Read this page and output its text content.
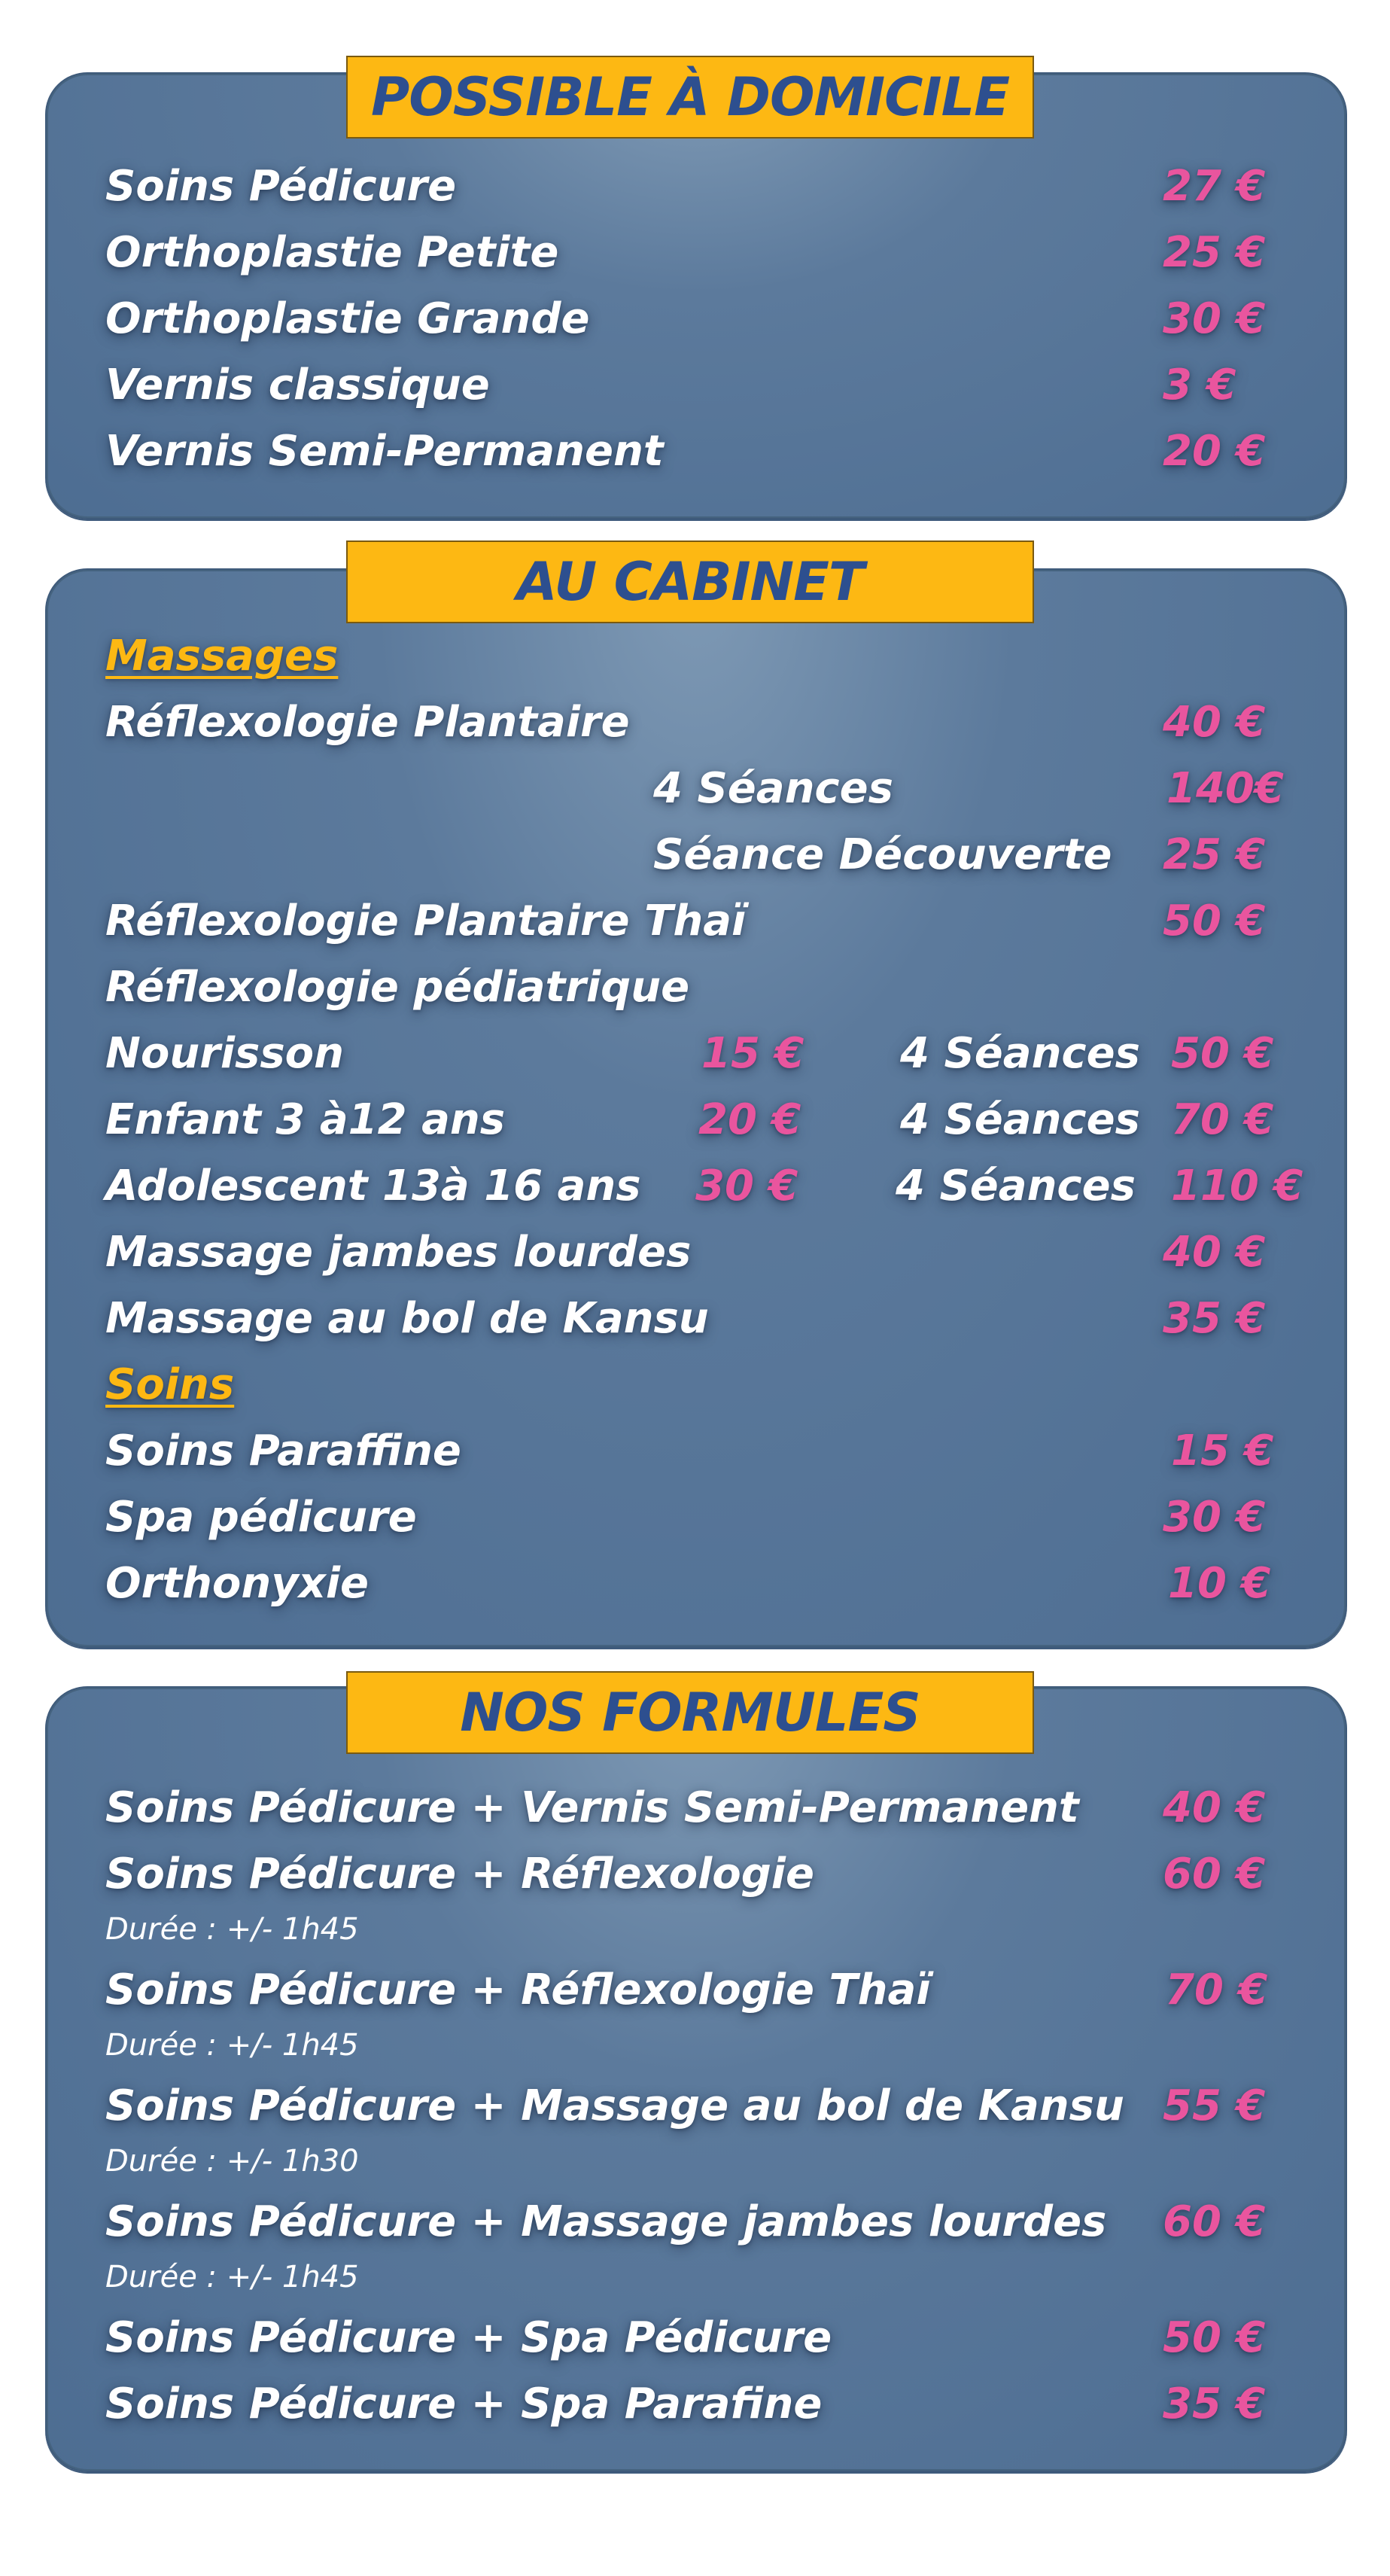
POSSIBLE À DOMICILE
Soins Pédicure	27 €
Orthoplastie Petite	25 €
Orthoplastie Grande	30 €
Vernis classique	3 €
Vernis Semi-Permanent	20 €
AU CABINET
Massages
Réflexologie Plantaire	40 €
4 Séances	140€
Séance Découverte 25 €
Réflexologie Plantaire Thaï	50 €
Réflexologie pédiatrique
Nourisson	15 € 4 Séances 50 €
Enfant 3 à12 ans	20 € 4 Séances 70 €
Adolescent 13à 16 ans 30 € 4 Séances 110 €
Massage jambes lourdes	40 €
Massage au bol de Kansu	35 €
Soins
Soins Paraffine	15 €
Spa pédicure	30 €
Orthonyxie	10 €
NOS FORMULES
Soins Pédicure + Vernis Semi-Permanent 40 €
Soins Pédicure + Réflexologie	60 €
Durée : +/- 1h45
Soins Pédicure + Réflexologie Thaï	70 €
Durée : +/- 1h45
Soins Pédicure + Massage au bol de Kansu 55 €
Durée : +/- 1h30
Soins Pédicure + Massage jambes lourdes 60 €
Durée : +/- 1h45
Soins Pédicure + Spa Pédicure	50 €
Soins Pédicure + Spa Parafine	35 €
